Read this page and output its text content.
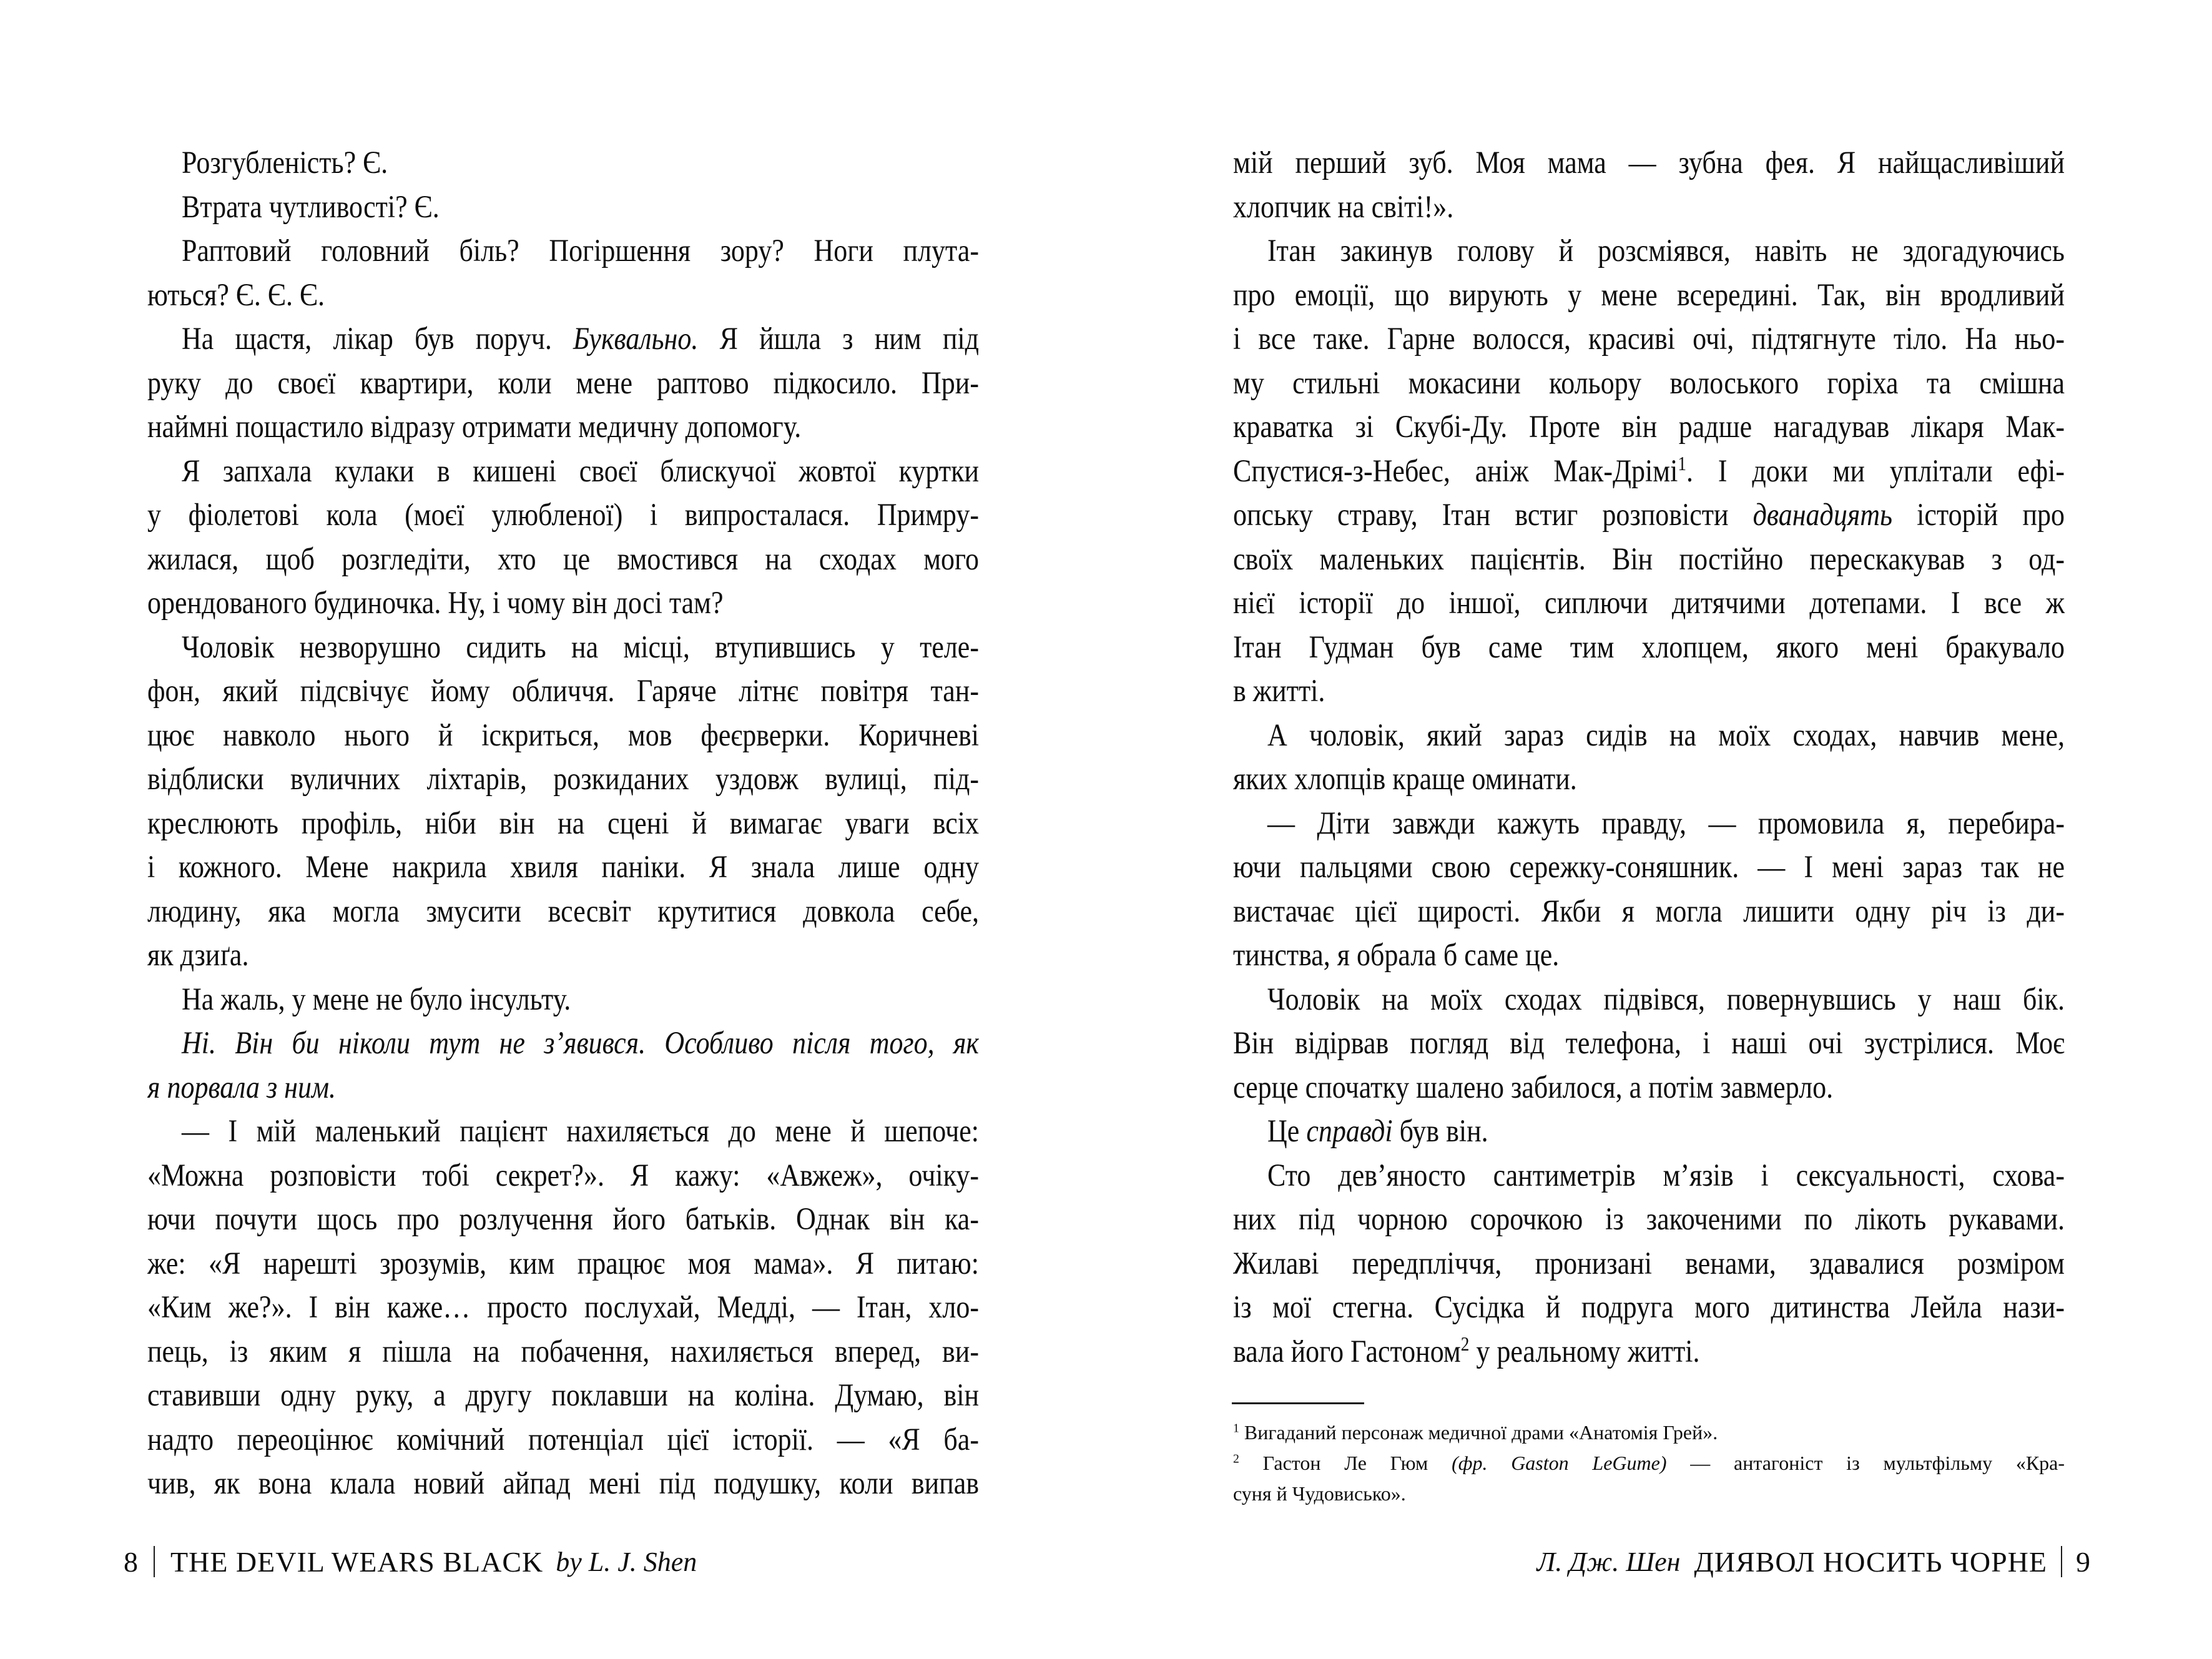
Розгубленість? Є.
Втрата чутливості? Є.
Раптовий головний біль? Погіршення зору? Ноги плута-
ються? Є. Є. Є.
На щастя, лікар був поруч. Буквально. Я йшла з ним під
руку до своєї квартири, коли мене раптово підкосило. При-
наймні пощастило відразу отримати медичну допомогу.
Я запхала кулаки в кишені своєї блискучої жовтої куртки
у фіолетові кола (моєї улюбленої) і випросталася. Примру-
жилася, щоб розгледіти, хто це вмостився на сходах мого
орендованого будиночка. Ну, і чому він досі там?
Чоловік незворушно сидить на місці, втупившись у теле-
фон, який підсвічує йому обличчя. Гаряче літнє повітря тан-
цює навколо нього й іскриться, мов феєрверки. Коричневі
відблиски вуличних ліхтарів, розкиданих уздовж вулиці, під-
креслюють профіль, ніби він на сцені й вимагає уваги всіх
і кожного. Мене накрила хвиля паніки. Я знала лише одну
людину, яка могла змусити всесвіт крутитися довкола себе,
як дзиґа.
На жаль, у мене не було інсульту.
Ні. Він би ніколи тут не з’явився. Особливо після того, як
я порвала з ним.
— І мій маленький пацієнт нахиляється до мене й шепоче:
«Можна розповісти тобі секрет?». Я кажу: «Авжеж», очіку-
ючи почути щось про розлучення його батьків. Однак він ка-
же: «Я нарешті зрозумів, ким працює моя мама». Я питаю:
«Ким же?». І він каже… просто послухай, Медді, — Ітан, хло-
пець, із яким я пішла на побачення, нахиляється вперед, ви-
ставивши одну руку, а другу поклавши на коліна. Думаю, він
надто переоцінює комічний потенціал цієї історії. — «Я ба-
чив, як вона клала новий айпад мені під подушку, коли випав
мій перший зуб. Моя мама — зубна фея. Я найщасливіший
хлопчик на світі!».
Ітан закинув голову й розсміявся, навіть не здогадуючись
про емоції, що вирують у мене всередині. Так, він вродливий
і все таке. Гарне волосся, красиві очі, підтягнуте тіло. На ньо-
му стильні мокасини кольору волоського горіха та смішна
краватка зі Скубі-Ду. Проте він радше нагадував лікаря Мак-
Спустися-з-Небес, аніж Мак-Дрімі$^1$. І доки ми уплітали ефі-
опську страву, Ітан встиг розповісти дванадцять історій про
своїх маленьких пацієнтів. Він постійно перескакував з од-
нієї історії до іншої, сиплючи дитячими дотепами. І все ж
Ітан Гудман був саме тим хлопцем, якого мені бракувало
в житті.
А чоловік, який зараз сидів на моїх сходах, навчив мене,
яких хлопців краще оминати.
— Діти завжди кажуть правду, — промовила я, перебира-
ючи пальцями свою сережку-соняшник. — І мені зараз так не
вистачає цієї щирості. Якби я могла лишити одну річ із ди-
тинства, я обрала б саме це.
Чоловік на моїх сходах підвівся, повернувшись у наш бік.
Він відірвав погляд від телефона, і наші очі зустрілися. Моє
серце спочатку шалено забилося, а потім завмерло.
Це справді був він.
Сто дев’яносто сантиметрів м’язів і сексуальності, схова-
них під чорною сорочкою із закоченими по лікоть рукавами.
Жилаві передпліччя, пронизані венами, здавалися розміром
із мої стегна. Сусідка й подруга мого дитинства Лейла нази-
вала його Гастоном$^2$ у реальному житті.
$^1$ Вигаданий персонаж медичної драми «Анатомія Грей».
$^2$ Гастон Ле Гюм (фр. Gaston LeGume) — антагоніст із мультфільму «Кра-
суня й Чудовисько».
8 THE DEVIL WEARS BLACK by L. J. Shen	Л. Дж. Шен ДИЯВОЛ НОСИТЬ ЧОРНЕ 9
